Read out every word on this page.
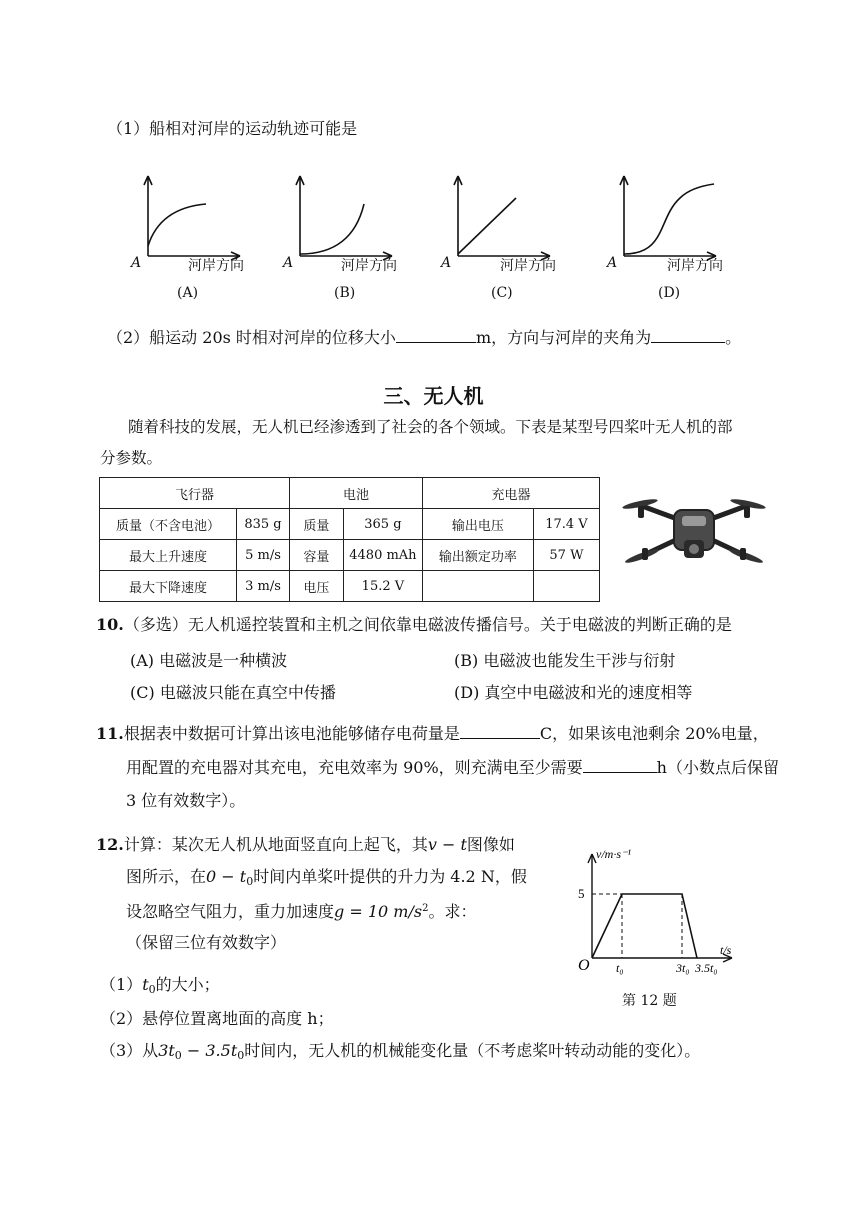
（1）船相对河岸的运动轨迹可能是
A	河岸方向
(A)
A	河岸方向
(B)
A	河岸方向
(C)
A	河岸方向
(D)
（2）船运动 20s 时相对河岸的位移大小	m，方向与河岸的夹角为	。
三、无人机
随着科技的发展，无人机已经渗透到了社会的各个领域。下表是某型号四桨叶无人机的部
分参数。
飞行器		电池		充电器	
质量（不含电池）	835 g	质量	365 g	输出电压	17.4 V
最大上升速度	5 m/s	容量	4480 mAh	输出额定功率	57 W
最大下降速度	3 m/s	电压	15.2 V		
10.（多选）无人机遥控装置和主机之间依靠电磁波传播信号。关于电磁波的判断正确的是
(A) 电磁波是一种横波	(B) 电磁波也能发生干涉与衍射
(C) 电磁波只能在真空中传播	(D) 真空中电磁波和光的速度相等
11.根据表中数据可计算出该电池能够储存电荷量是	C，如果该电池剩余 20%电量，
用配置的充电器对其充电，充电效率为 90%，则充满电至少需要	h（小数点后保留
3 位有效数字）。
12.计算：某次无人机从地面竖直向上起飞，其v − t图像如
图所示，在$0 - t_0$时间内单桨叶提供的升力为 4.2 N，假
设忽略空气阻力，重力加速度g = 10 $m/s^2$。求：
（保留三位有效数字）
$(1)t_0$的大小；
（2）悬停位置离地面的高度 h；
（3）从$3t_0 - 3.5t_0$时间内，无人机的机械能变化量（不考虑桨叶转动动能的变化）。
t₀	3t₀ 3.5t₀
v/m·s⁻¹
t/s
O
5
第 12 题
